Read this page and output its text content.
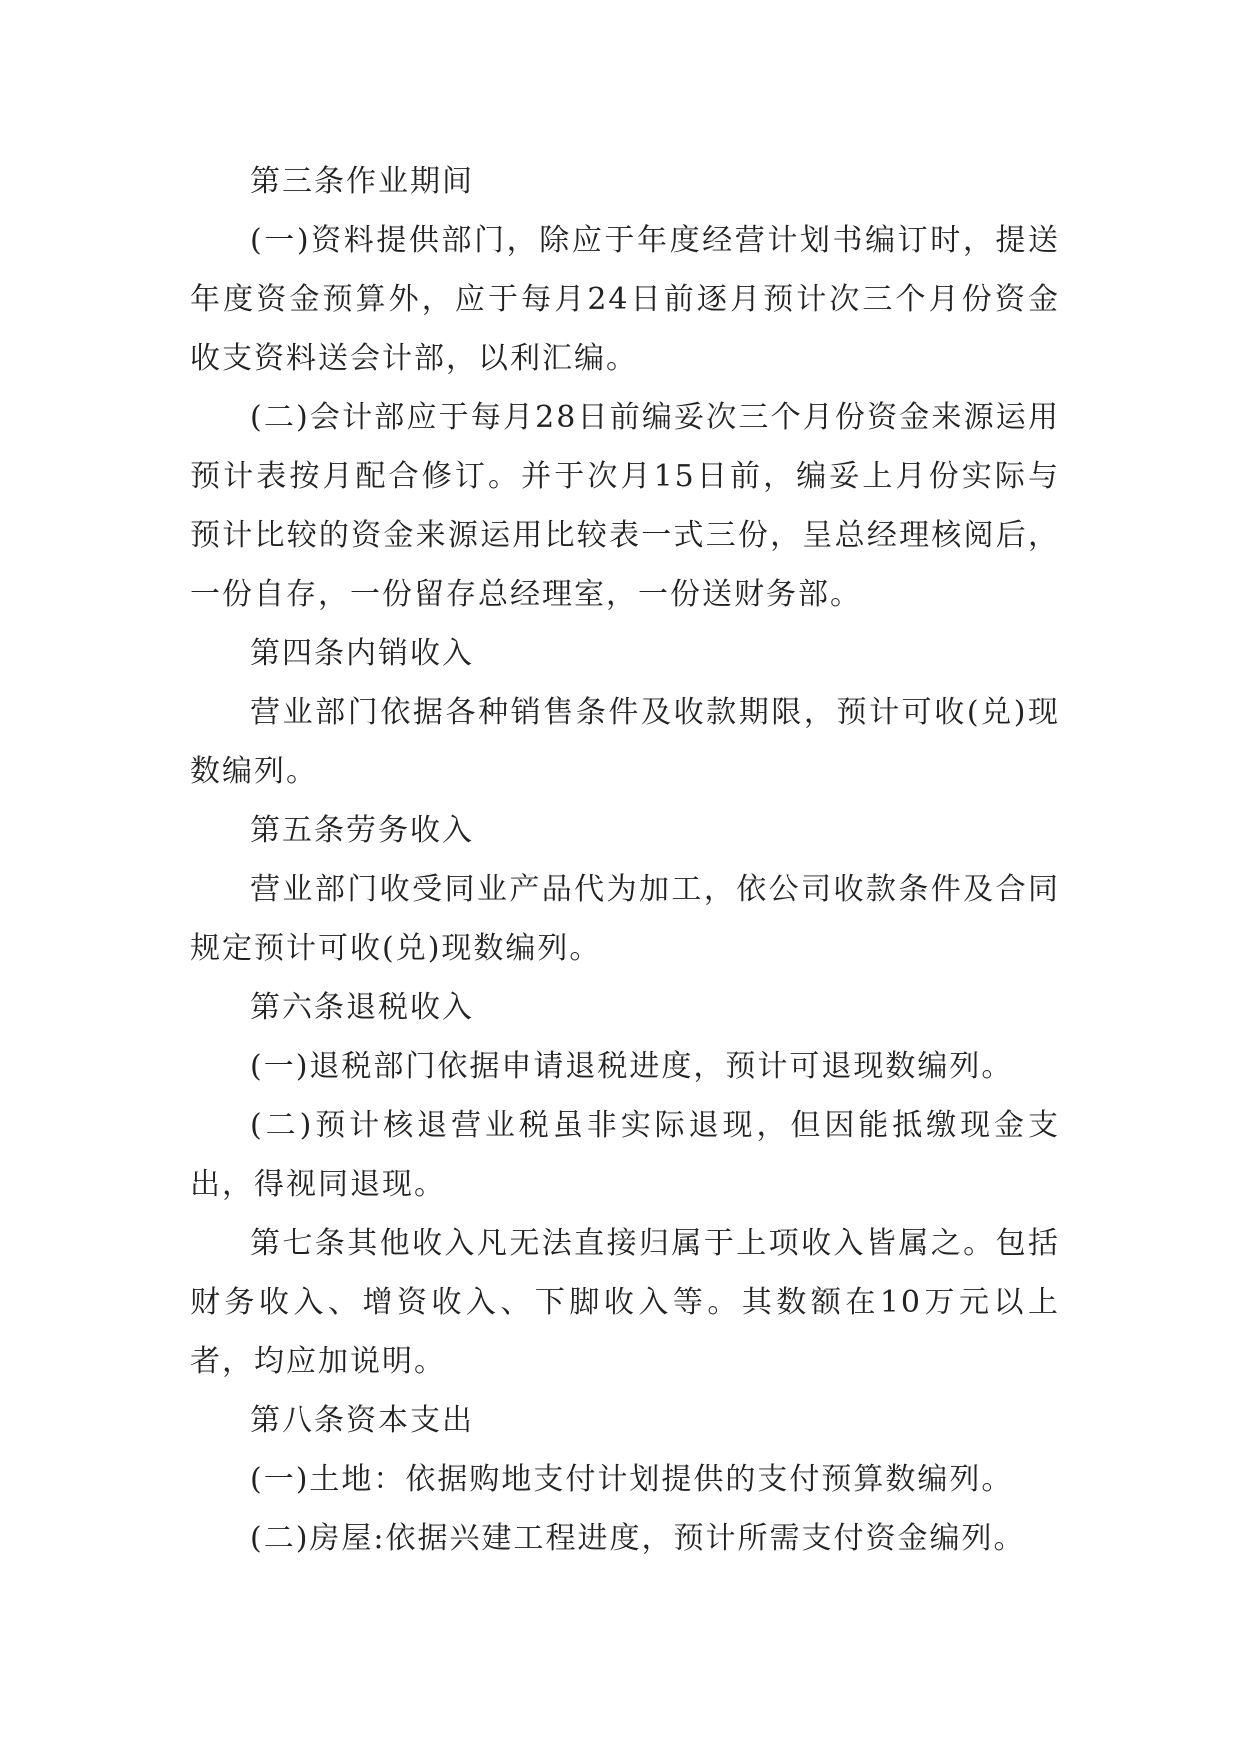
第三条作业期间

(一)资料提供部门，除应于年度经营计划书编订时，提送年度资金预算外，应于每月24日前逐月预计次三个月份资金收支资料送会计部，以利汇编。

(二)会计部应于每月28日前编妥次三个月份资金来源运用预计表按月配合修订。并于次月15日前，编妥上月份实际与预计比较的资金来源运用比较表一式三份，呈总经理核阅后，一份自存，一份留存总经理室，一份送财务部。

第四条内销收入

营业部门依据各种销售条件及收款期限，预计可收(兑)现数编列。

第五条劳务收入

营业部门收受同业产品代为加工，依公司收款条件及合同规定预计可收(兑)现数编列。

第六条退税收入

(一)退税部门依据申请退税进度，预计可退现数编列。

(二)预计核退营业税虽非实际退现，但因能抵缴现金支出，得视同退现。

第七条其他收入凡无法直接归属于上项收入皆属之。包括财务收入、增资收入、下脚收入等。其数额在10万元以上者，均应加说明。

第八条资本支出

(一)土地：依据购地支付计划提供的支付预算数编列。

(二)房屋:依据兴建工程进度，预计所需支付资金编列。
